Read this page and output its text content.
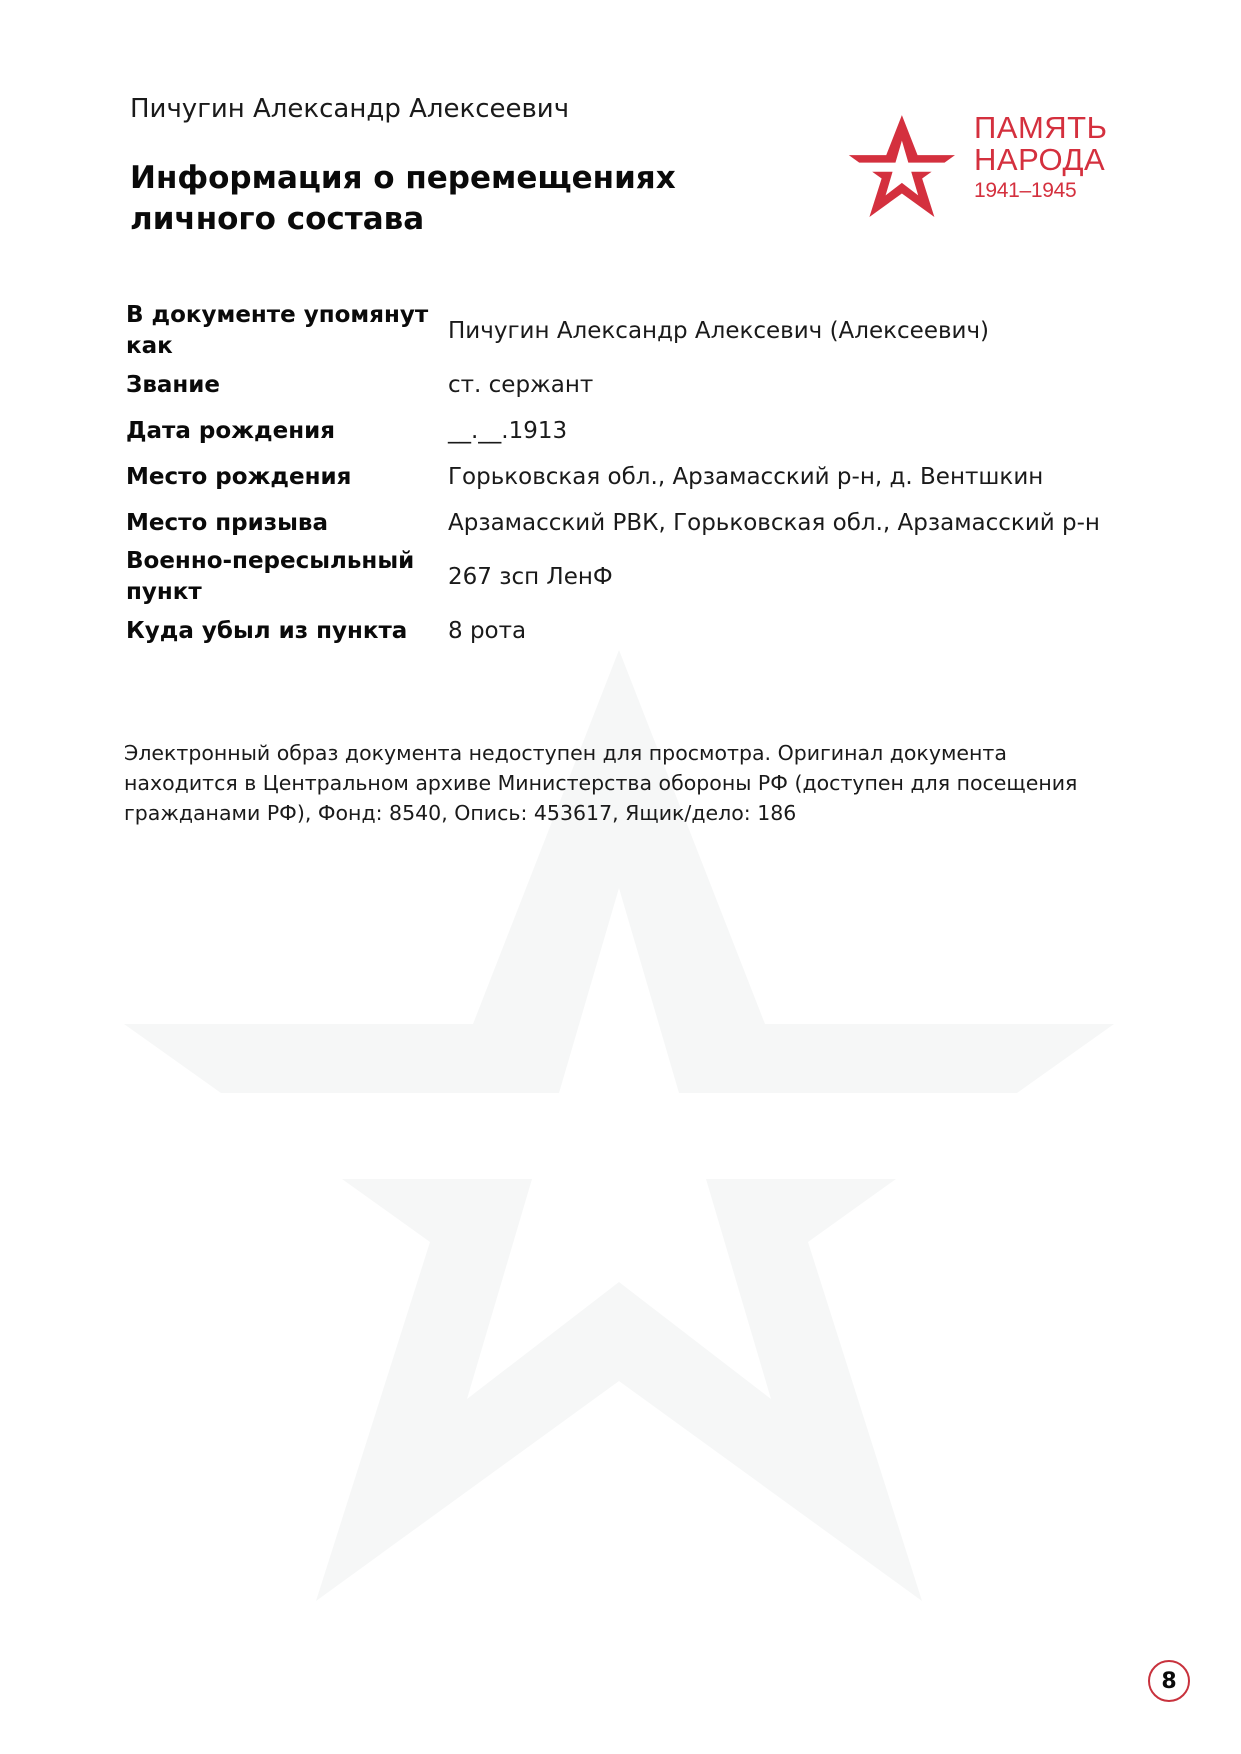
Пичугин Александр Алексеевич
Информация о перемещениях
личного состава
ПАМЯТЬ
НАРОДА
1941–1945
В документе упомянут как	Пичугин Александр Алексевич (Алексеевич)
Звание	ст. сержант
Дата рождения	__.__.1913
Место рождения	Горьковская обл., Арзамасский р-н, д. Вентшкин
Место призыва	Арзамасский РВК, Горьковская обл., Арзамасский р-н
Военно-пересыльный пункт	267 зсп ЛенФ
Куда убыл из пункта	8 рота
Электронный образ документа недоступен для просмотра. Оригинал документа находится в Центральном архиве Министерства обороны РФ (доступен для посещения гражданами РФ), Фонд: 8540, Опись: 453617, Ящик/дело: 186
8
